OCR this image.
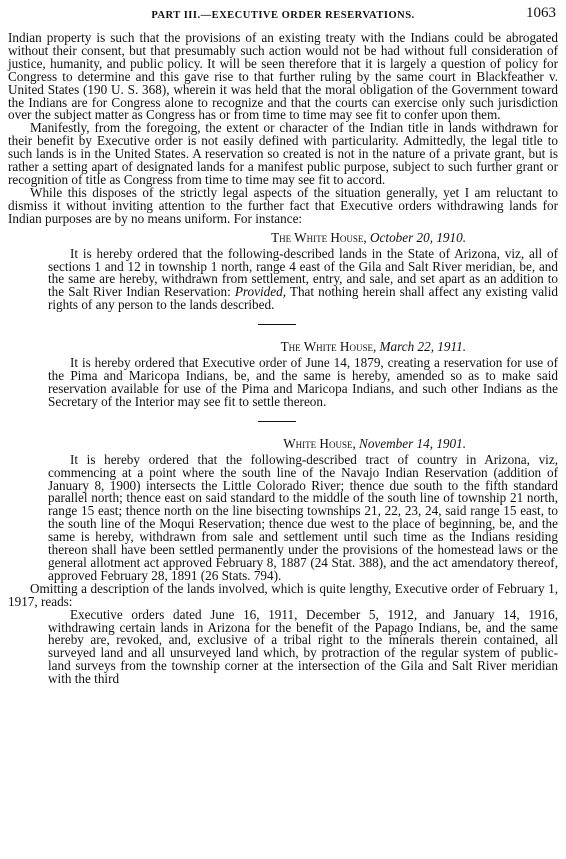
PART III.—EXECUTIVE ORDER RESERVATIONS.	1063

Indian property is such that the provisions of an existing treaty with the Indians could be abrogated without their consent, but that presumably such action would not be had without full consideration of justice, humanity, and public policy. It will be seen therefore that it is largely a question of policy for Congress to determine and this gave rise to that further ruling by the same court in Blackfeather v. United States (190 U. S. 368), wherein it was held that the moral obligation of the Government toward the Indians are for Congress alone to recognize and that the courts can exercise only such jurisdiction over the subject matter as Congress has or from time to time may see fit to confer upon them.

Manifestly, from the foregoing, the extent or character of the Indian title in lands withdrawn for their benefit by Executive order is not easily defined with particularity. Admittedly, the legal title to such lands is in the United States. A reservation so created is not in the nature of a private grant, but is rather a setting apart of designated lands for a manifest public purpose, subject to such further grant or recognition of title as Congress from time to time may see fit to accord.

While this disposes of the strictly legal aspects of the situation generally, yet I am reluctant to dismiss it without inviting attention to the further fact that Executive orders withdrawing lands for Indian purposes are by no means uniform. For instance:

The White House, October 20, 1910.

It is hereby ordered that the following-described lands in the State of Arizona, viz, all of sections 1 and 12 in township 1 north, range 4 east of the Gila and Salt River meridian, be, and the same are hereby, withdrawn from settlement, entry, and sale, and set apart as an addition to the Salt River Indian Reservation: Provided, That nothing herein shall affect any existing valid rights of any person to the lands described.

The White House, March 22, 1911.

It is hereby ordered that Executive order of June 14, 1879, creating a reservation for use of the Pima and Maricopa Indians, be, and the same is hereby, amended so as to make said reservation available for use of the Pima and Maricopa Indians, and such other Indians as the Secretary of the Interior may see fit to settle thereon.

White House, November 14, 1901.

It is hereby ordered that the following-described tract of country in Arizona, viz, commencing at a point where the south line of the Navajo Indian Reservation (addition of January 8, 1900) intersects the Little Colorado River; thence due south to the fifth standard parallel north; thence east on said standard to the middle of the south line of township 21 north, range 15 east; thence north on the line bisecting townships 21, 22, 23, 24, said range 15 east, to the south line of the Moqui Reservation; thence due west to the place of beginning, be, and the same is hereby, withdrawn from sale and settlement until such time as the Indians residing thereon shall have been settled permanently under the provisions of the homestead laws or the general allotment act approved February 8, 1887 (24 Stat. 388), and the act amendatory thereof, approved February 28, 1891 (26 Stats. 794).

Omitting a description of the lands involved, which is quite lengthy, Executive order of February 1, 1917, reads:

Executive orders dated June 16, 1911, December 5, 1912, and January 14, 1916, withdrawing certain lands in Arizona for the benefit of the Papago Indians, be, and the same hereby are, revoked, and, exclusive of a tribal right to the minerals therein contained, all surveyed land and all unsurveyed land which, by protraction of the regular system of public-land surveys from the township corner at the intersection of the Gila and Salt River meridian with the third
